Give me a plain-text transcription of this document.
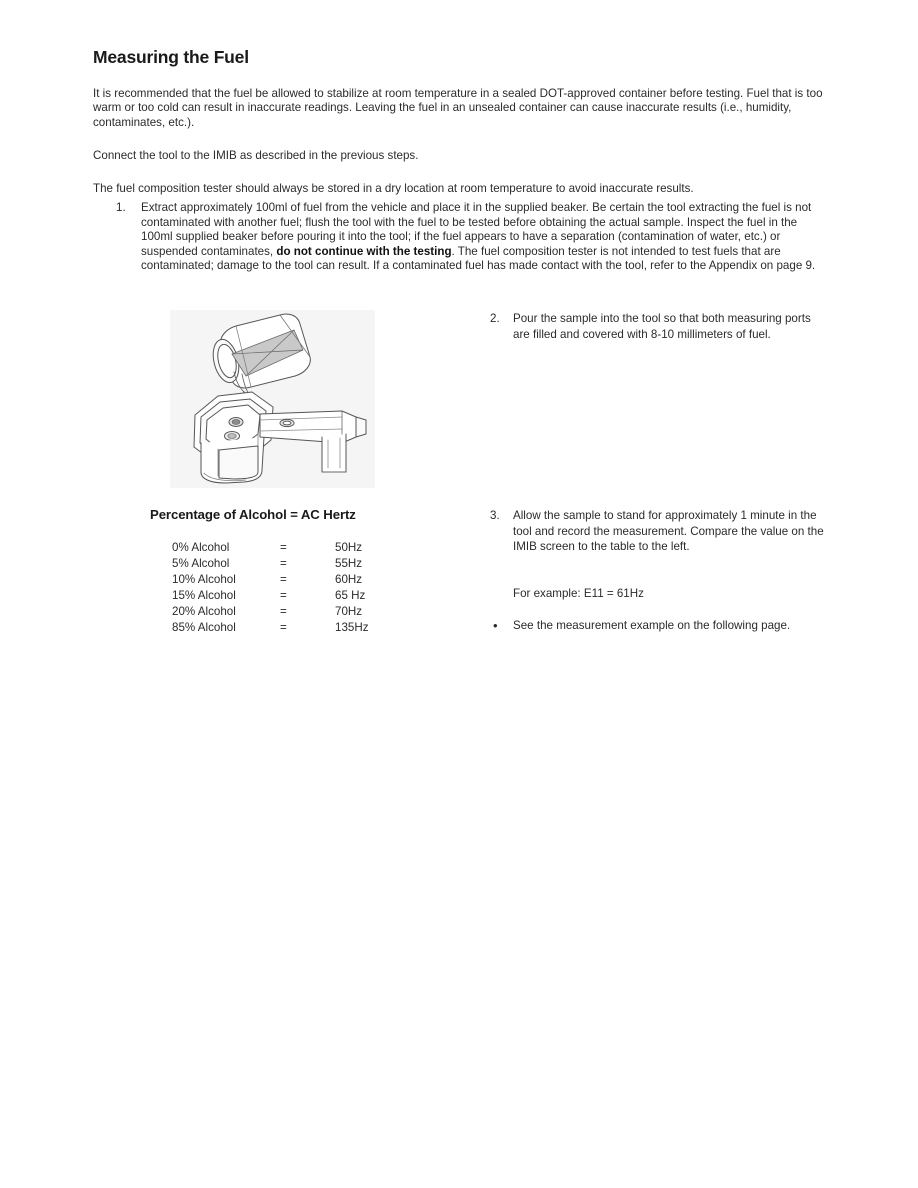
Measuring the Fuel

It is recommended that the fuel be allowed to stabilize at room temperature in a sealed DOT-approved container before testing. Fuel that is too warm or too cold can result in inaccurate readings. Leaving the fuel in an unsealed container can cause inaccurate results (i.e., humidity, contaminates, etc.).

Connect the tool to the IMIB as described in the previous steps.

The fuel composition tester should always be stored in a dry location at room temperature to avoid inaccurate results.

1.	Extract approximately 100ml of fuel from the vehicle and place it in the supplied beaker. Be certain the tool extracting the fuel is not contaminated with another fuel; flush the tool with the fuel to be tested before obtaining the actual sample. Inspect the fuel in the 100ml supplied beaker before pouring it into the tool; if the fuel appears to have a separation (contamination of water, etc.) or suspended contaminates, do not continue with the testing. The fuel composition tester is not intended to test fuels that are contaminated; damage to the tool can result. If a contaminated fuel has made contact with the tool, refer to the Appendix on page 9.
Percentage of Alcohol = AC Hertz
0% Alcohol	=	50Hz
5% Alcohol	=	55Hz
10% Alcohol	=	60Hz
15% Alcohol	=	65 Hz
20% Alcohol	=	70Hz
85% Alcohol	=	135Hz
2. Pour the sample into the tool so that both measuring ports are filled and covered with 8-10 millimeters of fuel.
3. Allow the sample to stand for approximately 1 minute in the tool and record the measurement. Compare the value on the IMIB screen to the table to the left.
For example: E11 = 61Hz
• See the measurement example on the following page.
